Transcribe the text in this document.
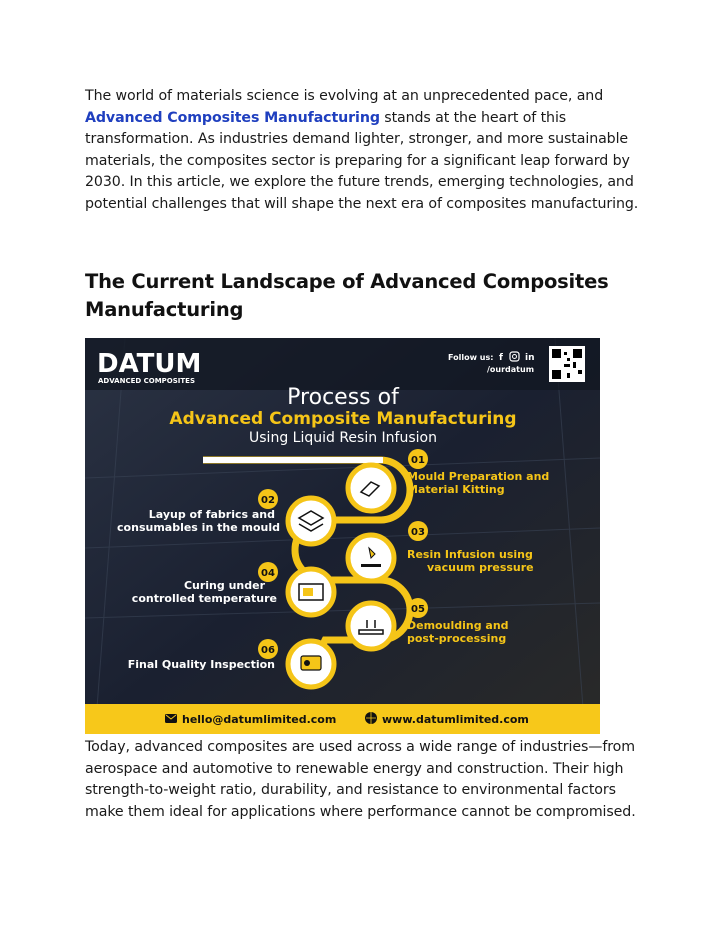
The world of materials science is evolving at an unprecedented pace, and Advanced Composites Manufacturing stands at the heart of this transformation. As industries demand lighter, stronger, and more sustainable materials, the composites sector is preparing for a significant leap forward by 2030. In this article, we explore the future trends, emerging technologies, and potential challenges that will shape the next era of composites manufacturing.

The Current Landscape of Advanced Composites Manufacturing
DATUM
ADVANCED COMPOSITES
Follow us: f in
/ourdatum
Process of
Advanced Composite Manufacturing
Using Liquid Resin Infusion
01
Mould Preparation and
Material Kitting
02
Layup of fabrics and
consumables in the mould	03
Resin Infusion using
vacuum pressure
04
Curing under
controlled temperature
05
Demoulding and
post-processing
06
Final Quality Inspection
hello@datumlimited.com	www.datumlimited.com

Today, advanced composites are used across a wide range of industries—from aerospace and automotive to renewable energy and construction. Their high strength-to-weight ratio, durability, and resistance to environmental factors make them ideal for applications where performance cannot be compromised.
